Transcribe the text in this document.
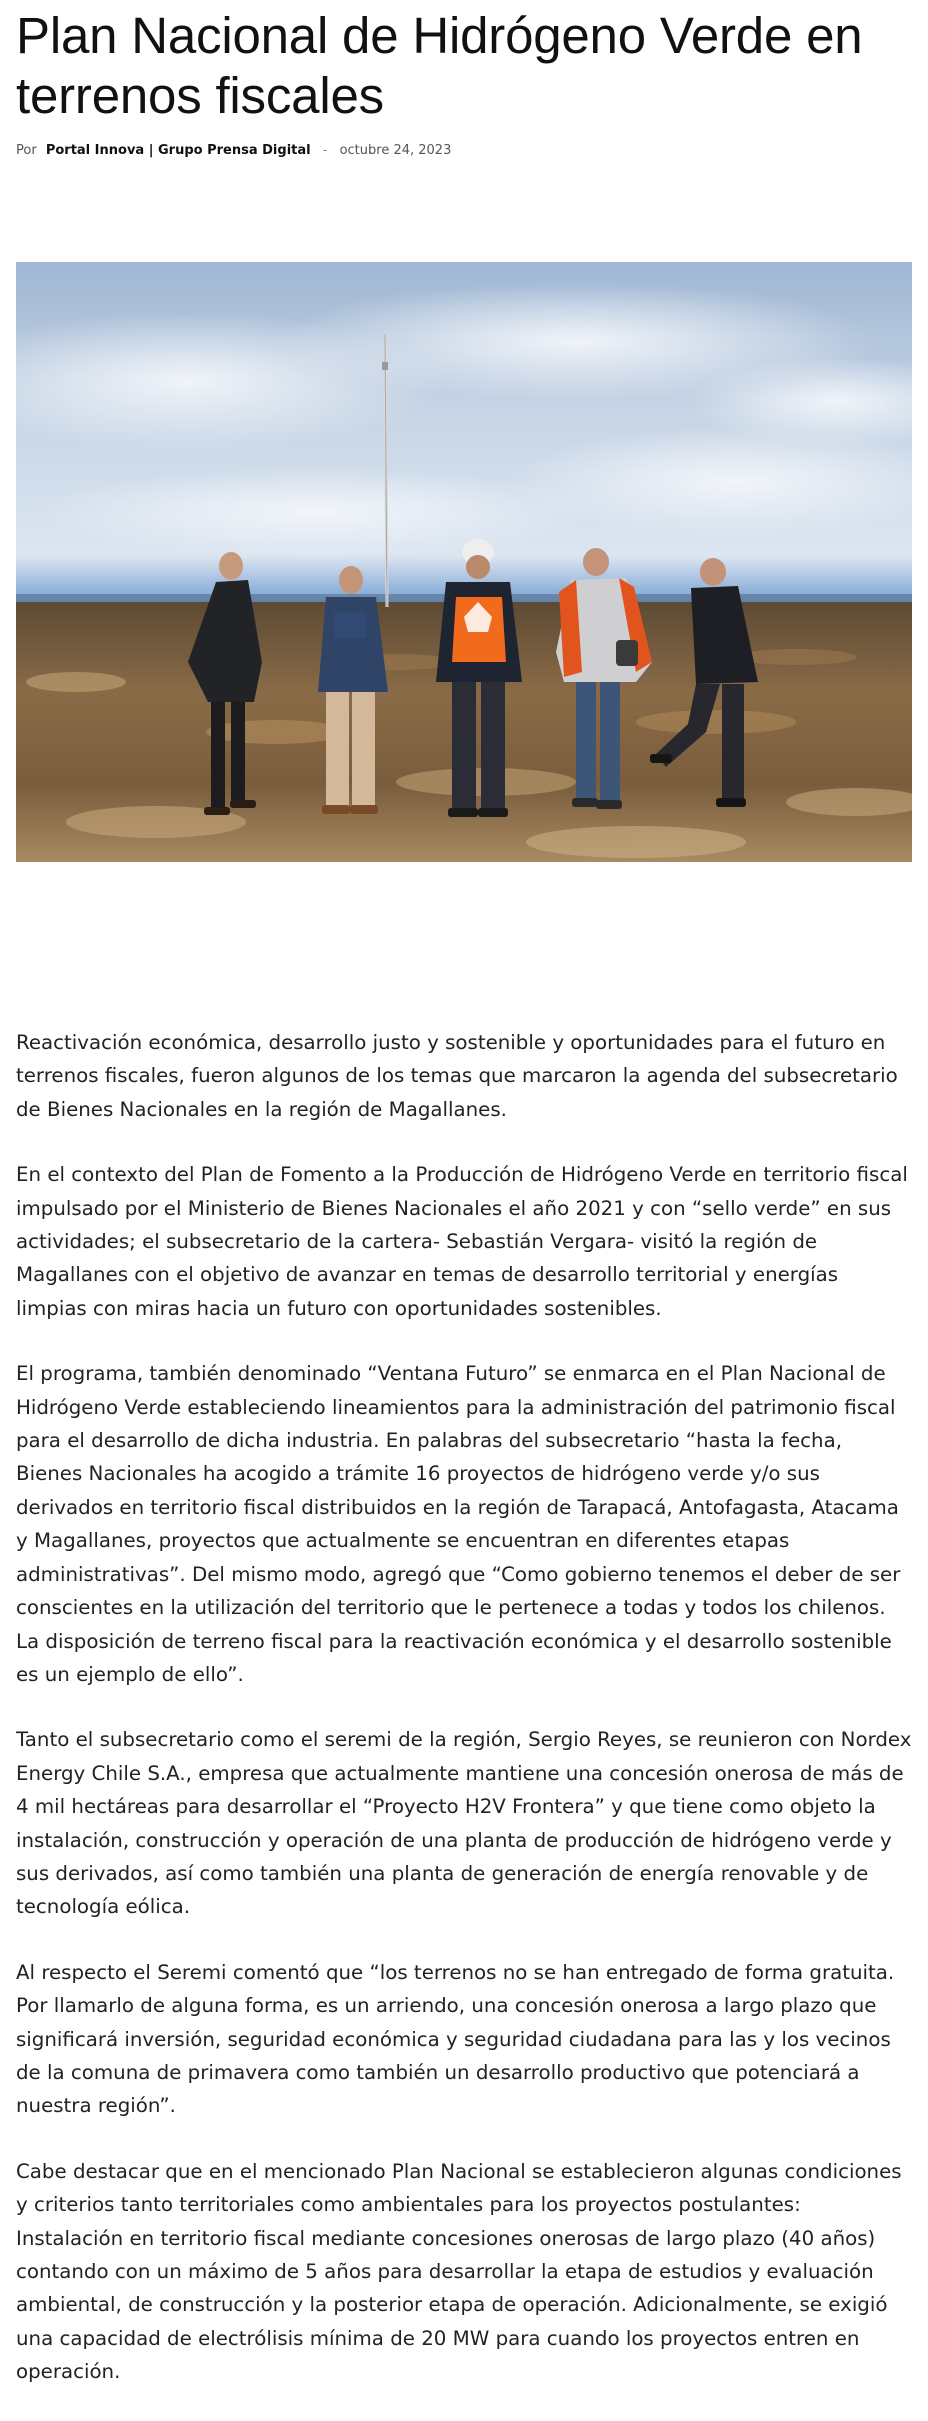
Plan Nacional de Hidrógeno Verde en terrenos fiscales
Por Portal Innova | Grupo Prensa Digital - octubre 24, 2023

Reactivación económica, desarrollo justo y sostenible y oportunidades para el futuro en terrenos fiscales, fueron algunos de los temas que marcaron la agenda del subsecretario de Bienes Nacionales en la región de Magallanes.

En el contexto del Plan de Fomento a la Producción de Hidrógeno Verde en territorio fiscal impulsado por el Ministerio de Bienes Nacionales el año 2021 y con “sello verde” en sus actividades; el subsecretario de la cartera- Sebastián Vergara- visitó la región de Magallanes con el objetivo de avanzar en temas de desarrollo territorial y energías limpias con miras hacia un futuro con oportunidades sostenibles.

El programa, también denominado “Ventana Futuro” se enmarca en el Plan Nacional de Hidrógeno Verde estableciendo lineamientos para la administración del patrimonio fiscal para el desarrollo de dicha industria. En palabras del subsecretario “hasta la fecha, Bienes Nacionales ha acogido a trámite 16 proyectos de hidrógeno verde y/o sus derivados en territorio fiscal distribuidos en la región de Tarapacá, Antofagasta, Atacama y Magallanes, proyectos que actualmente se encuentran en diferentes etapas administrativas”. Del mismo modo, agregó que “Como gobierno tenemos el deber de ser conscientes en la utilización del territorio que le pertenece a todas y todos los chilenos. La disposición de terreno fiscal para la reactivación económica y el desarrollo sostenible es un ejemplo de ello”.

Tanto el subsecretario como el seremi de la región, Sergio Reyes, se reunieron con Nordex Energy Chile S.A., empresa que actualmente mantiene una concesión onerosa de más de 4 mil hectáreas para desarrollar el “Proyecto H2V Frontera” y que tiene como objeto la instalación, construcción y operación de una planta de producción de hidrógeno verde y sus derivados, así como también una planta de generación de energía renovable y de tecnología eólica.

Al respecto el Seremi comentó que “los terrenos no se han entregado de forma gratuita. Por llamarlo de alguna forma, es un arriendo, una concesión onerosa a largo plazo que significará inversión, seguridad económica y seguridad ciudadana para las y los vecinos de la comuna de primavera como también un desarrollo productivo que potenciará a nuestra región”.

Cabe destacar que en el mencionado Plan Nacional se establecieron algunas condiciones y criterios tanto territoriales como ambientales para los proyectos postulantes: Instalación en territorio fiscal mediante concesiones onerosas de largo plazo (40 años) contando con un máximo de 5 años para desarrollar la etapa de estudios y evaluación ambiental, de construcción y la posterior etapa de operación. Adicionalmente, se exigió una capacidad de electrólisis mínima de 20 MW para cuando los proyectos entren en operación.
